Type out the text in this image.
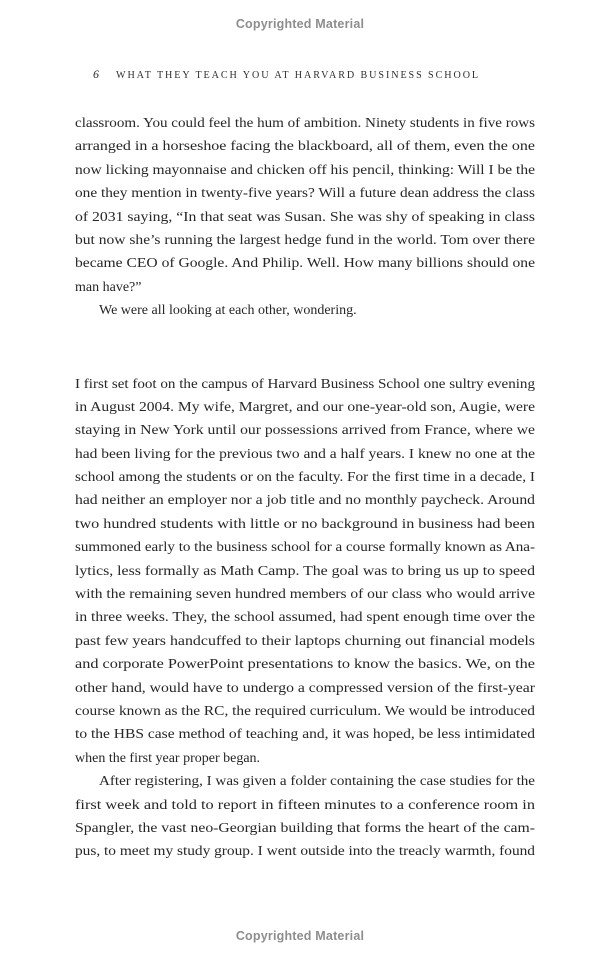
Copyrighted Material
6 WHAT THEY TEACH YOU AT HARVARD BUSINESS SCHOOL
classroom. You could feel the hum of ambition. Ninety students in five rows
arranged in a horseshoe facing the blackboard, all of them, even the one
now licking mayonnaise and chicken off his pencil, thinking: Will I be the
one they mention in twenty-five years? Will a future dean address the class
of 2031 saying, “In that seat was Susan. She was shy of speaking in class
but now she’s running the largest hedge fund in the world. Tom over there
became CEO of Google. And Philip. Well. How many billions should one
man have?”
We were all looking at each other, wondering.
I first set foot on the campus of Harvard Business School one sultry evening
in August 2004. My wife, Margret, and our one-year-old son, Augie, were
staying in New York until our possessions arrived from France, where we
had been living for the previous two and a half years. I knew no one at the
school among the students or on the faculty. For the first time in a decade, I
had neither an employer nor a job title and no monthly paycheck. Around
two hundred students with little or no background in business had been
summoned early to the business school for a course formally known as Ana-
lytics, less formally as Math Camp. The goal was to bring us up to speed
with the remaining seven hundred members of our class who would arrive
in three weeks. They, the school assumed, had spent enough time over the
past few years handcuffed to their laptops churning out financial models
and corporate PowerPoint presentations to know the basics. We, on the
other hand, would have to undergo a compressed version of the first-year
course known as the RC, the required curriculum. We would be introduced
to the HBS case method of teaching and, it was hoped, be less intimidated
when the first year proper began.
After registering, I was given a folder containing the case studies for the
first week and told to report in fifteen minutes to a conference room in
Spangler, the vast neo-Georgian building that forms the heart of the cam-
pus, to meet my study group. I went outside into the treacly warmth, found
Copyrighted Material
